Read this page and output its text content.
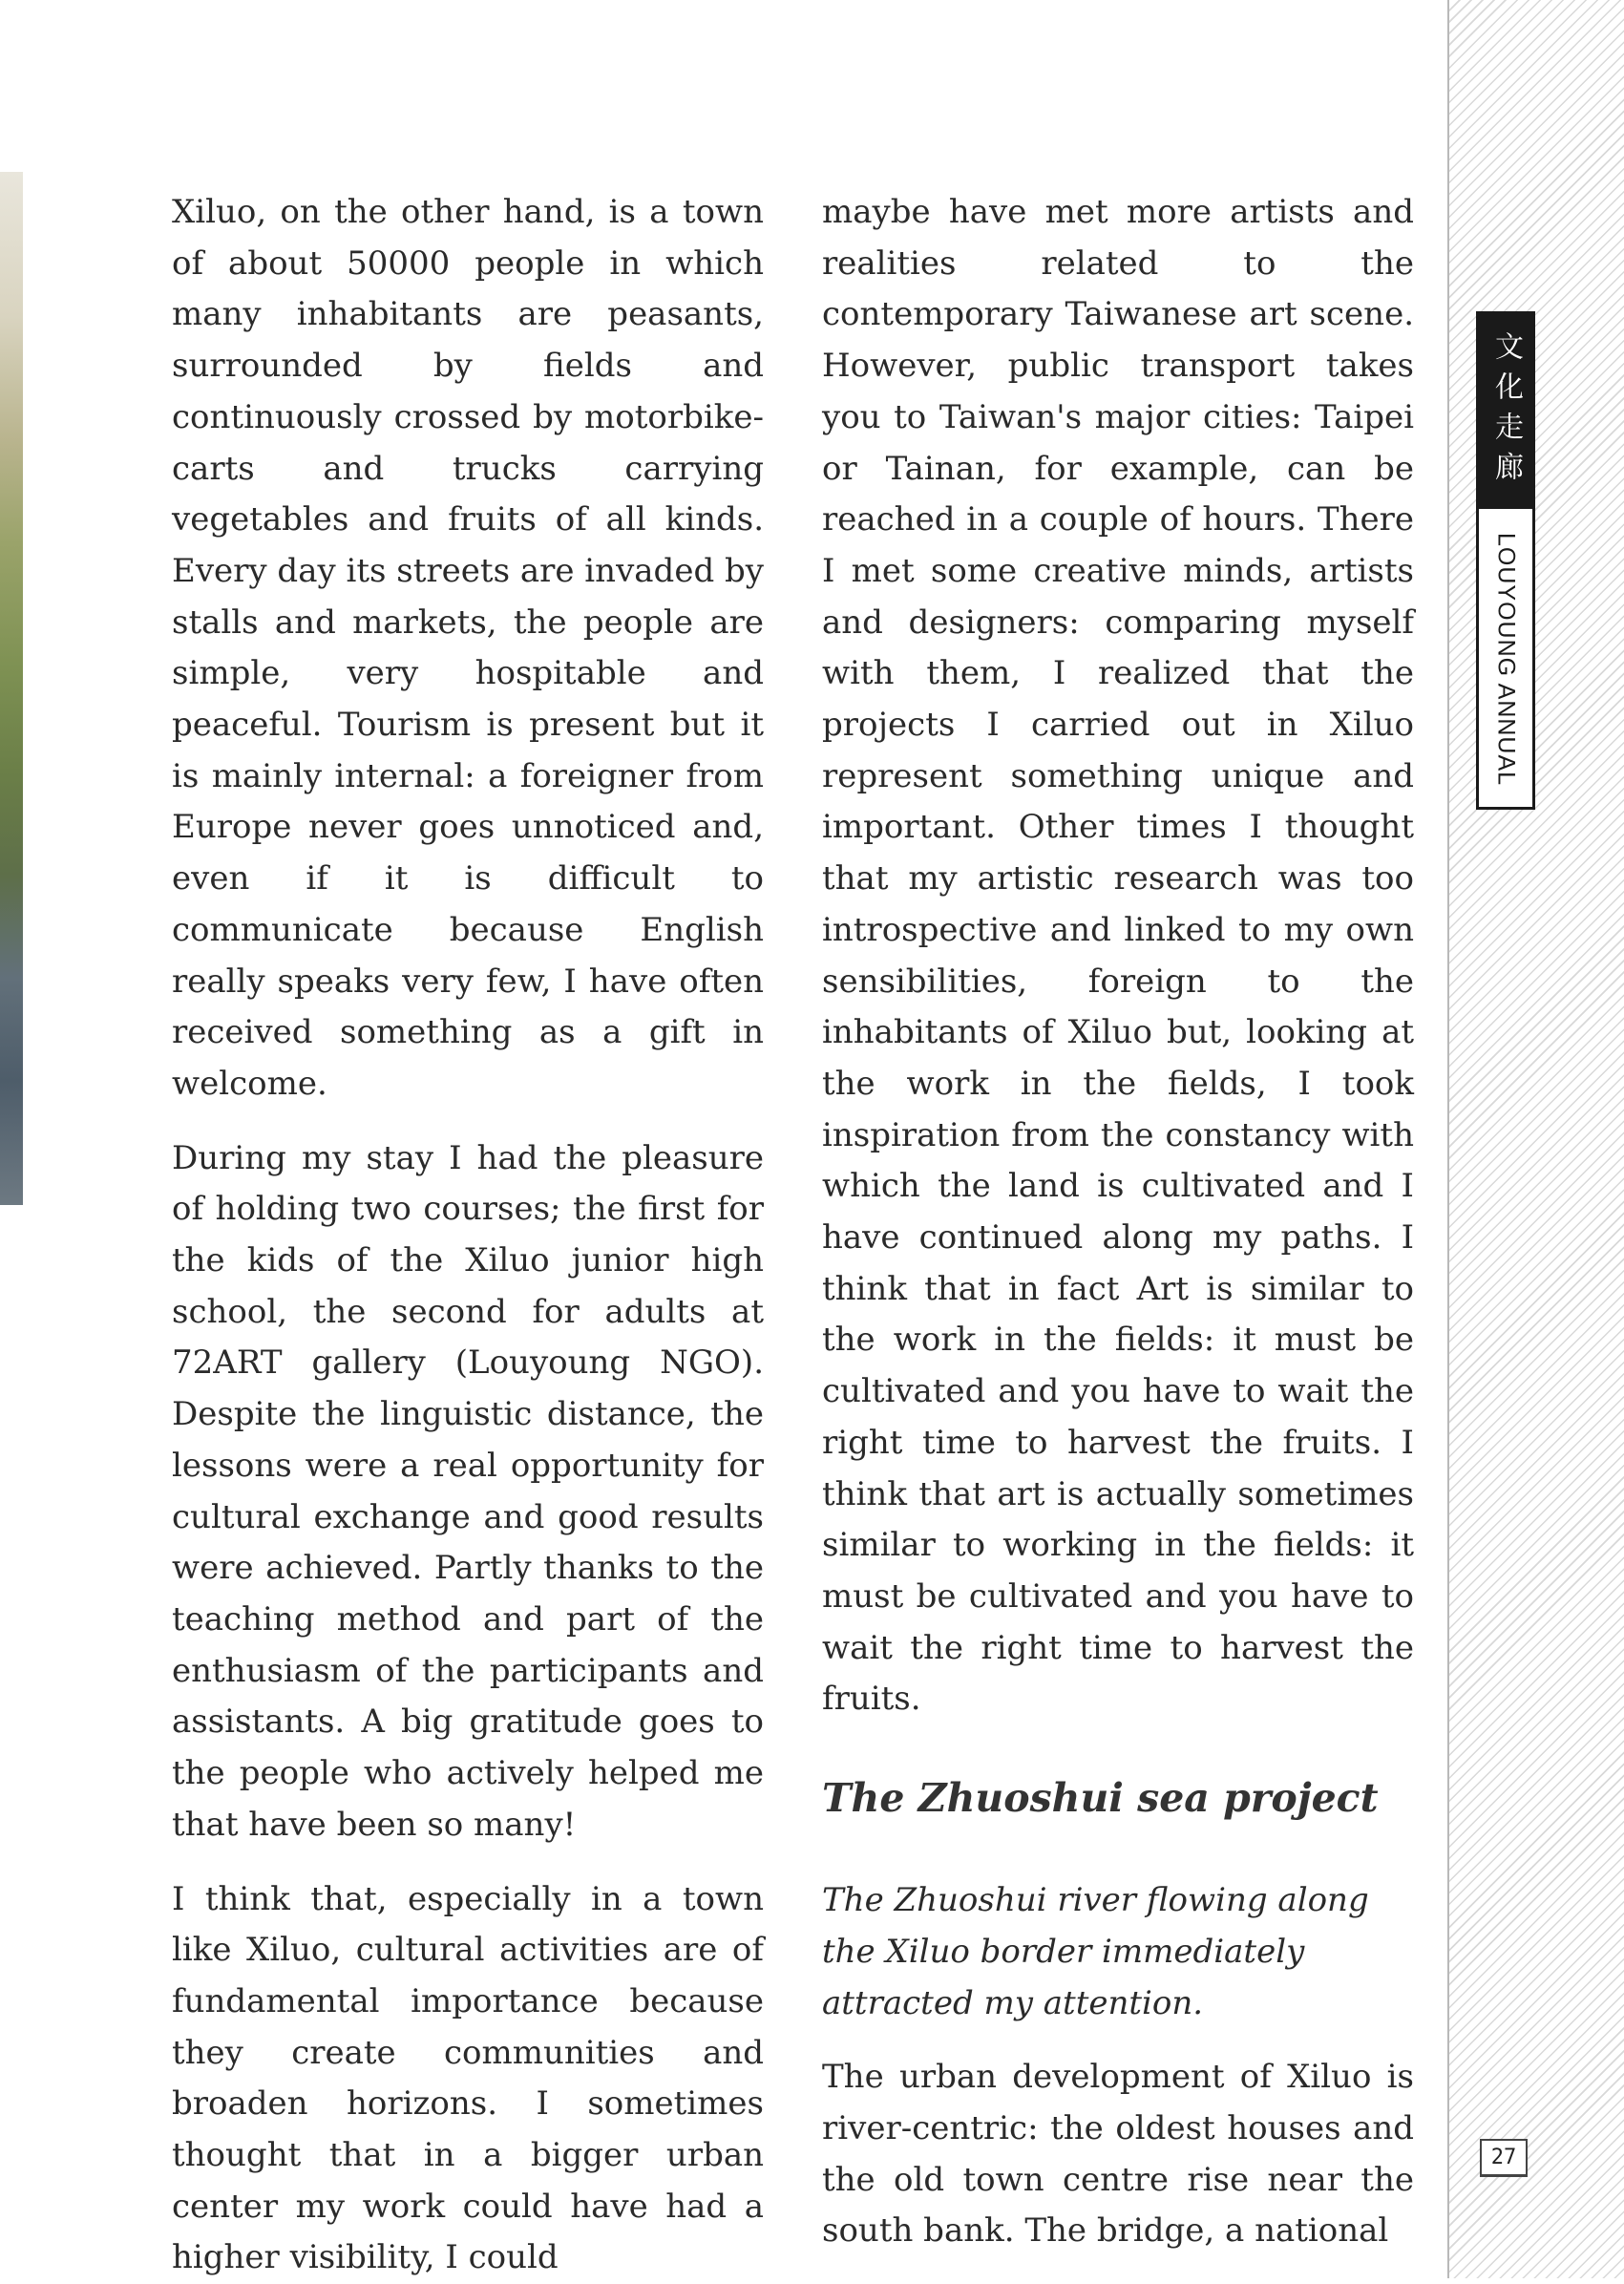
Xiluo, on the other hand, is a town of about 50000 people in which many inhabitants are peasants, surrounded by fields and continuously crossed by motorbike-carts and trucks carrying vegetables and fruits of all kinds. Every day its streets are invaded by stalls and markets, the people are simple, very hospitable and peaceful. Tourism is present but it is mainly internal: a foreigner from Europe never goes unnoticed and, even if it is difficult to communicate because English really speaks very few, I have often received something as a gift in welcome.

During my stay I had the pleasure of holding two courses; the first for the kids of the Xiluo junior high school, the second for adults at 72ART gallery (Louyoung NGO). Despite the linguistic distance, the lessons were a real opportunity for cultural exchange and good results were achieved. Partly thanks to the teaching method and part of the enthusiasm of the participants and assistants. A big gratitude goes to the people who actively helped me that have been so many!

I think that, especially in a town like Xiluo, cultural activities are of fundamental importance because they create communities and broaden horizons. I sometimes thought that in a bigger urban center my work could have had a higher visibility, I could

maybe have met more artists and realities related to the contemporary Taiwanese art scene. However, public transport takes you to Taiwan's major cities: Taipei or Tainan, for example, can be reached in a couple of hours. There I met some creative minds, artists and designers: comparing myself with them, I realized that the projects I carried out in Xiluo represent something unique and important. Other times I thought that my artistic research was too introspective and linked to my own sensibilities, foreign to the inhabitants of Xiluo but, looking at the work in the fields, I took inspiration from the constancy with which the land is cultivated and I have continued along my paths. I think that in fact Art is similar to the work in the fields: it must be cultivated and you have to wait the right time to harvest the fruits. I think that art is actually sometimes similar to working in the fields: it must be cultivated and you have to wait the right time to harvest the fruits.

The Zhuoshui sea project

The Zhuoshui river flowing along the Xiluo border immediately attracted my attention.

The urban development of Xiluo is river-centric: the oldest houses and the old town centre rise near the south bank. The bridge, a national

文化走廊
LOUYOUNG ANNUAL
27
